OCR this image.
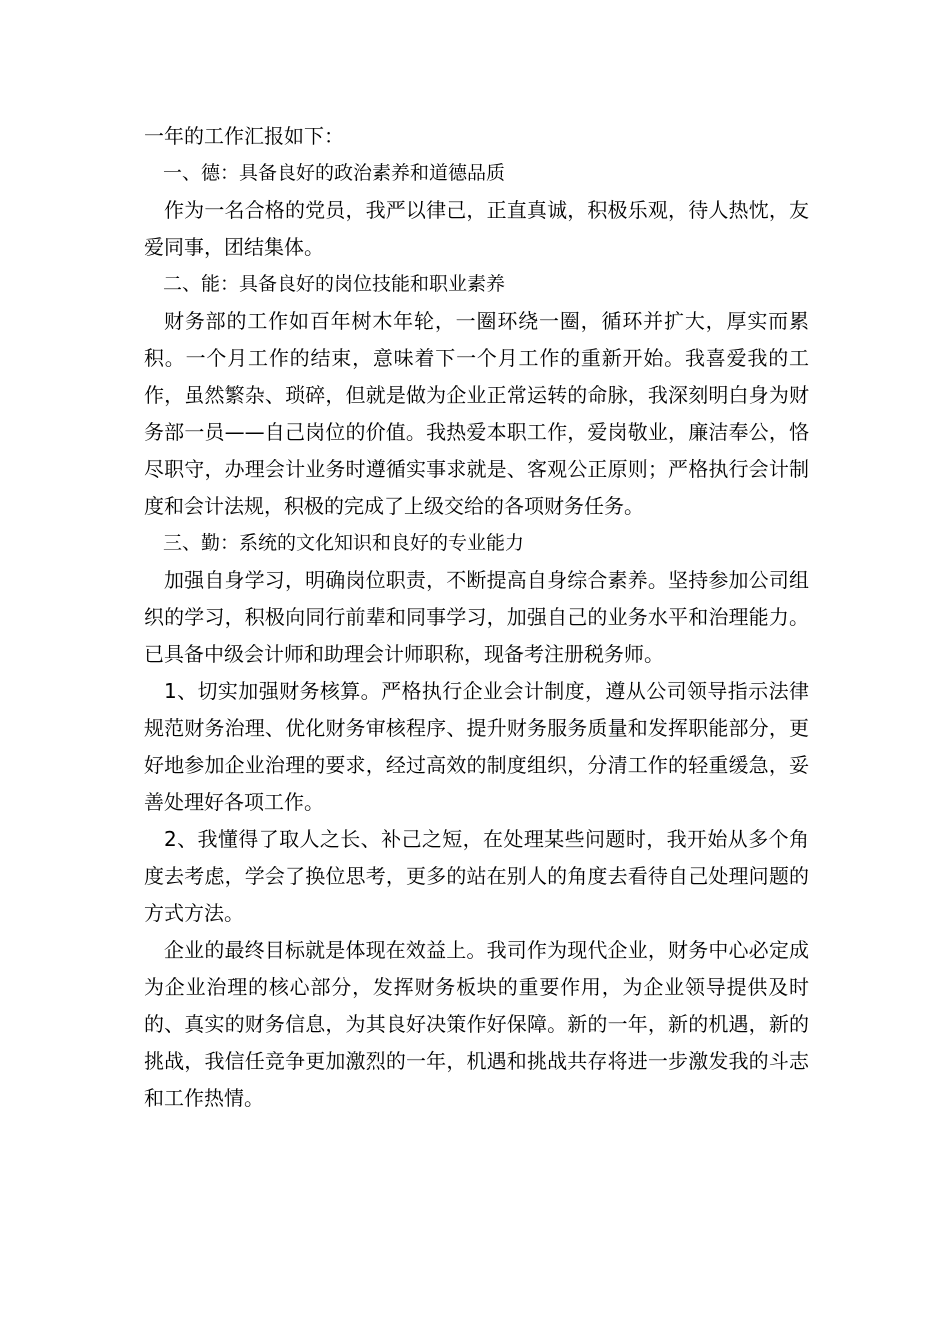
一年的工作汇报如下：

一、德：具备良好的政治素养和道德品质

作为一名合格的党员，我严以律己，正直真诚，积极乐观，待人热忱，友爱同事，团结集体。

二、能：具备良好的岗位技能和职业素养

财务部的工作如百年树木年轮，一圈环绕一圈，循环并扩大，厚实而累积。一个月工作的结束，意味着下一个月工作的重新开始。我喜爱我的工作，虽然繁杂、琐碎，但就是做为企业正常运转的命脉，我深刻明白身为财务部一员——自己岗位的价值。我热爱本职工作，爱岗敬业，廉洁奉公，恪尽职守，办理会计业务时遵循实事求就是、客观公正原则；严格执行会计制度和会计法规，积极的完成了上级交给的各项财务任务。

三、勤：系统的文化知识和良好的专业能力

加强自身学习，明确岗位职责，不断提高自身综合素养。坚持参加公司组织的学习，积极向同行前辈和同事学习，加强自己的业务水平和治理能力。已具备中级会计师和助理会计师职称，现备考注册税务师。

1、切实加强财务核算。严格执行企业会计制度，遵从公司领导指示法律规范财务治理、优化财务审核程序、提升财务服务质量和发挥职能部分，更好地参加企业治理的要求，经过高效的制度组织，分清工作的轻重缓急，妥善处理好各项工作。

2、我懂得了取人之长、补己之短，在处理某些问题时，我开始从多个角度去考虑，学会了换位思考，更多的站在别人的角度去看待自己处理问题的方式方法。

企业的最终目标就是体现在效益上。我司作为现代企业，财务中心必定成为企业治理的核心部分，发挥财务板块的重要作用，为企业领导提供及时的、真实的财务信息，为其良好决策作好保障。新的一年，新的机遇，新的挑战，我信任竞争更加激烈的一年，机遇和挑战共存将进一步激发我的斗志和工作热情。
